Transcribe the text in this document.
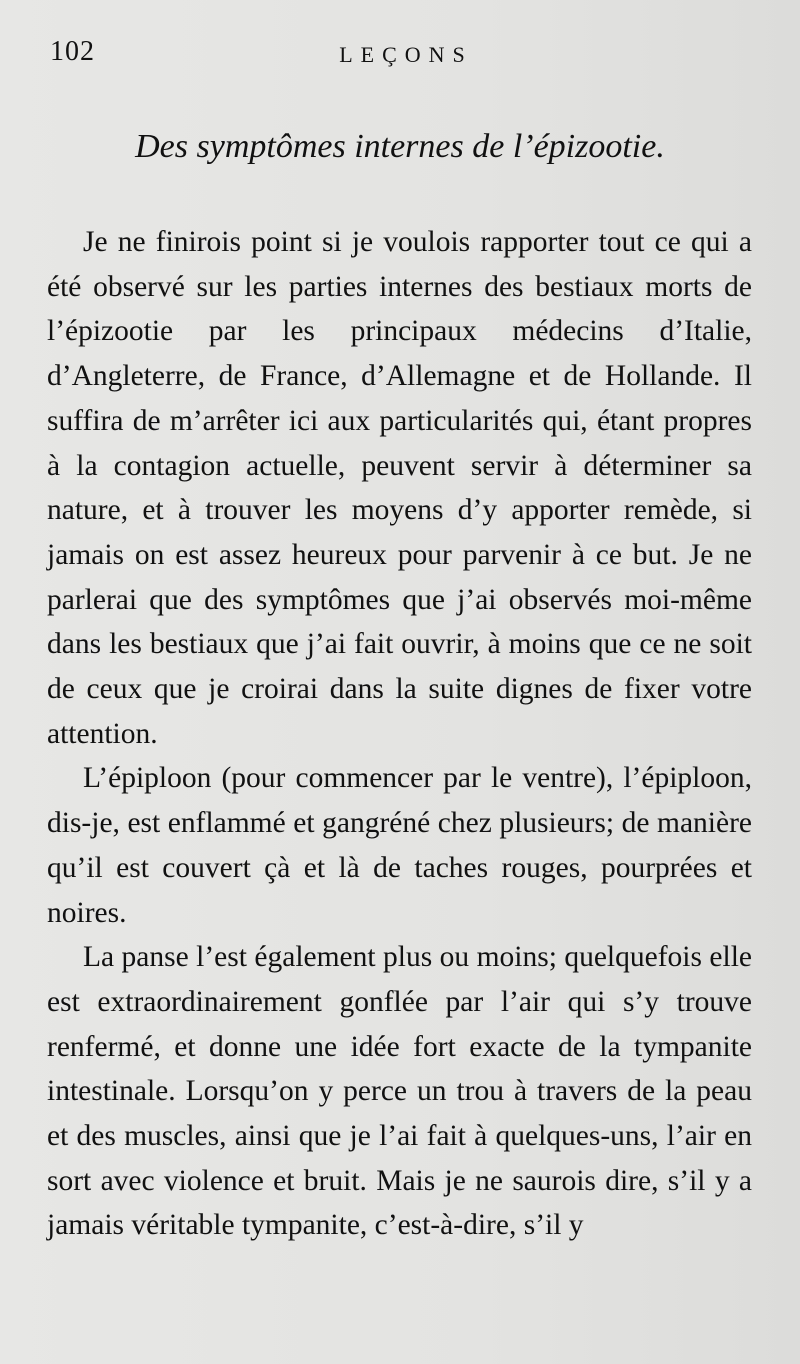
102	LEÇONS
Des symptômes internes de l’épizootie.

Je ne finirois point si je voulois rapporter tout ce qui a été observé sur les parties internes des bestiaux morts de l’épizootie par les principaux médecins d’Italie, d’Angleterre, de France, d’Allemagne et de Hollande. Il suffira de m’arrêter ici aux particularités qui, étant propres à la contagion actuelle, peuvent servir à déterminer sa nature, et à trouver les moyens d’y apporter remède, si jamais on est assez heureux pour parvenir à ce but. Je ne parlerai que des symptômes que j’ai observés moi-même dans les bestiaux que j’ai fait ouvrir, à moins que ce ne soit de ceux que je croirai dans la suite dignes de fixer votre attention.

L’épiploon (pour commencer par le ventre), l’épiploon, dis-je, est enflammé et gangréné chez plusieurs; de manière qu’il est couvert çà et là de taches rouges, pourprées et noires.

La panse l’est également plus ou moins; quelquefois elle est extraordinairement gonflée par l’air qui s’y trouve renfermé, et donne une idée fort exacte de la tympanite intestinale. Lorsqu’on y perce un trou à travers de la peau et des muscles, ainsi que je l’ai fait à quelques-uns, l’air en sort avec violence et bruit. Mais je ne saurois dire, s’il y a jamais véritable tympanite, c’est-à-dire, s’il y
